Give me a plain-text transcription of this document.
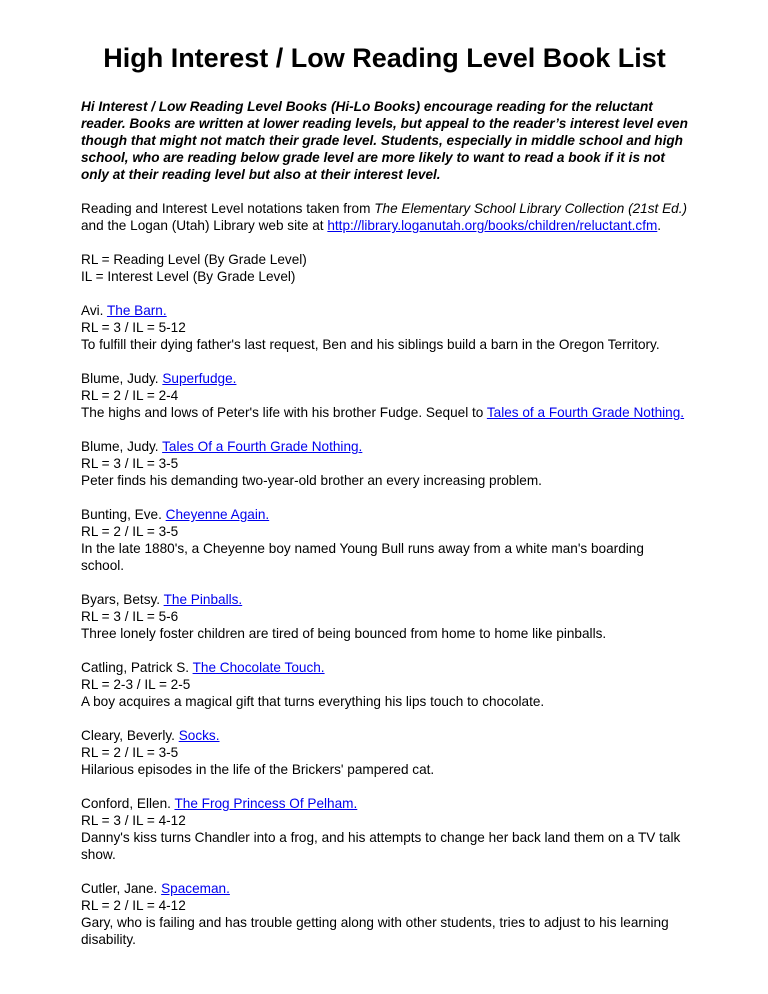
High Interest / Low Reading Level Book List

Hi Interest / Low Reading Level Books (Hi-Lo Books) encourage reading for the reluctant reader. Books are written at lower reading levels, but appeal to the reader’s interest level even though that might not match their grade level. Students, especially in middle school and high school, who are reading below grade level are more likely to want to read a book if it is not only at their reading level but also at their interest level.

Reading and Interest Level notations taken from The Elementary School Library Collection (21st Ed.) and the Logan (Utah) Library web site at http://library.loganutah.org/books/children/reluctant.cfm.

RL = Reading Level (By Grade Level)

IL = Interest Level (By Grade Level)

Avi. The Barn.

RL = 3 / IL = 5-12

To fulfill their dying father's last request, Ben and his siblings build a barn in the Oregon Territory.

Blume, Judy. Superfudge.

RL = 2 / IL = 2-4

The highs and lows of Peter's life with his brother Fudge. Sequel to Tales of a Fourth Grade Nothing.

Blume, Judy. Tales Of a Fourth Grade Nothing.

RL = 3 / IL = 3-5

Peter finds his demanding two-year-old brother an every increasing problem.

Bunting, Eve. Cheyenne Again.

RL = 2 / IL = 3-5

In the late 1880's, a Cheyenne boy named Young Bull runs away from a white man's boarding school.

Byars, Betsy. The Pinballs.

RL = 3 / IL = 5-6

Three lonely foster children are tired of being bounced from home to home like pinballs.

Catling, Patrick S. The Chocolate Touch.

RL = 2-3 / IL = 2-5

A boy acquires a magical gift that turns everything his lips touch to chocolate.

Cleary, Beverly. Socks.

RL = 2 / IL = 3-5

Hilarious episodes in the life of the Brickers' pampered cat.

Conford, Ellen. The Frog Princess Of Pelham.

RL = 3 / IL = 4-12

Danny's kiss turns Chandler into a frog, and his attempts to change her back land them on a TV talk show.

Cutler, Jane. Spaceman.

RL = 2 / IL = 4-12

Gary, who is failing and has trouble getting along with other students, tries to adjust to his learning disability.
